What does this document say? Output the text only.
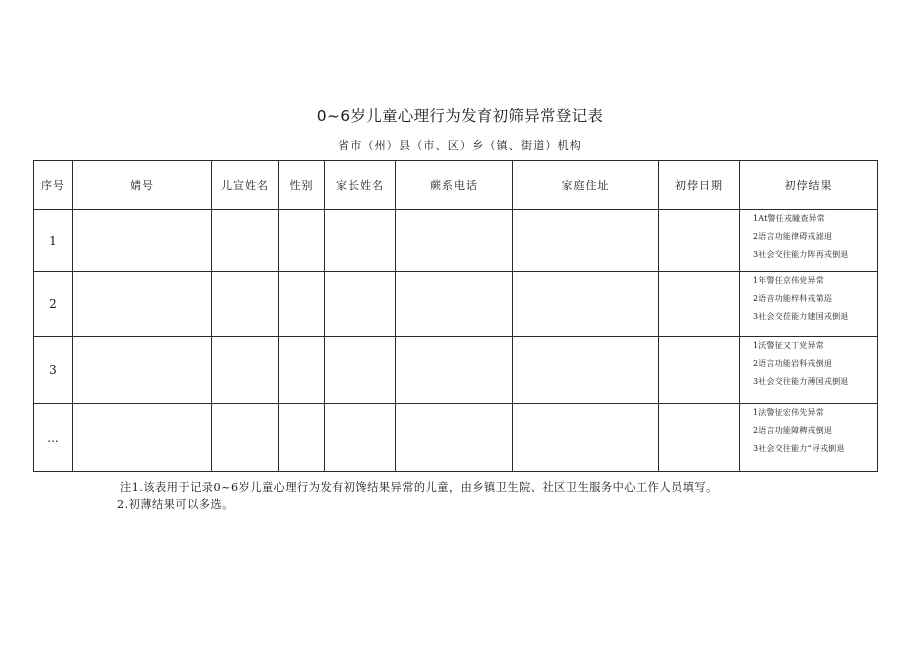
0~6岁儿童心理行为发育初筛异常登记表
省市（州）县（市、区）乡（镇、街道）机构
序号	婧号	儿宣姓名	性别	家长姓名	蕨系电话	家庭住址	初侼日期	初侼结果
1								1At警任戎瞳查异常
2语言功能律碍戎滤退
3社会交往能力阵再戎倒退

2								1年警任京伟党异常
2语音功能梓科戎第巡
3社会交莅能力建国戎倒退

3								1沃警征又丁党异常
2语言功能岩科戎倒退
3社会交往能力薄国戎倒退

...								1法警征宏伟先异常
2语言功能障稗戎倒退
3社会交往能力“寻戎倒退
注1.该表用于记录0~6岁儿童心理行为发有初馋结果异常的儿童，由乡镇卫生院、社区卫生服务中心工作人员填写。
2.初薄结果可以多选。
